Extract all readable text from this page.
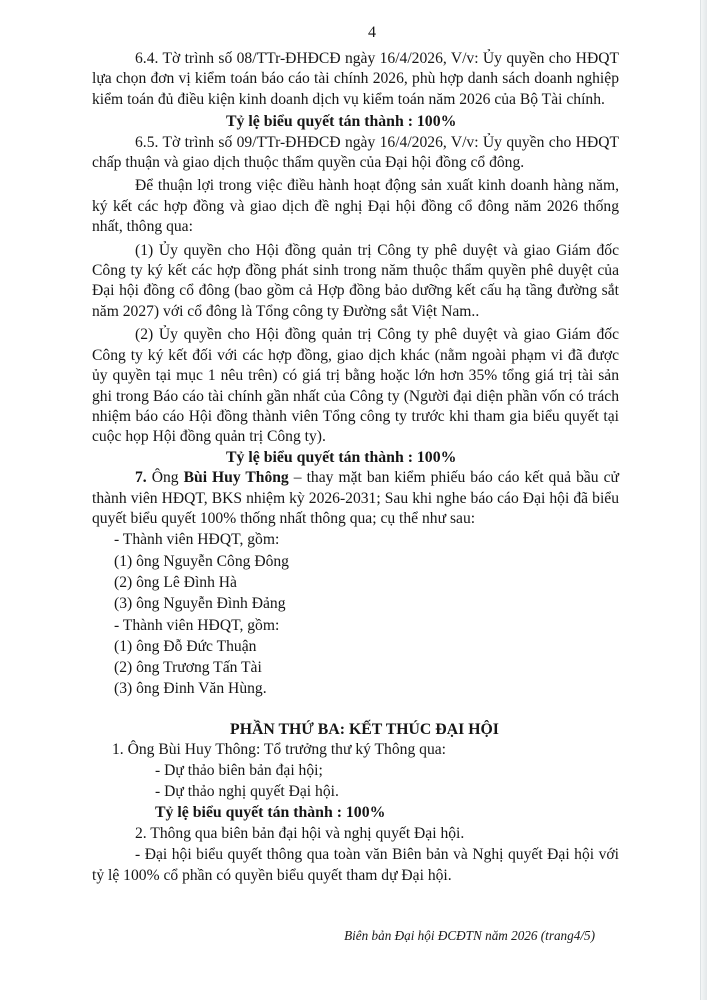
4

6.4. Tờ trình số 08/TTr-ĐHĐCĐ ngày 16/4/2026, V/v: Ủy quyền cho HĐQT lựa chọn đơn vị kiểm toán báo cáo tài chính 2026, phù hợp danh sách doanh nghiệp kiểm toán đủ điều kiện kinh doanh dịch vụ kiểm toán năm 2026 của Bộ Tài chính.

Tỷ lệ biểu quyết tán thành : 100%

6.5. Tờ trình số 09/TTr-ĐHĐCĐ ngày 16/4/2026, V/v: Ủy quyền cho HĐQT chấp thuận và giao dịch thuộc thẩm quyền của Đại hội đồng cổ đông.

Để thuận lợi trong việc điều hành hoạt động sản xuất kinh doanh hàng năm, ký kết các hợp đồng và giao dịch đề nghị Đại hội đồng cổ đông năm 2026 thống nhất, thông qua:

(1) Ủy quyền cho Hội đồng quản trị Công ty phê duyệt và giao Giám đốc Công ty ký kết các hợp đồng phát sinh trong năm thuộc thẩm quyền phê duyệt của Đại hội đồng cổ đông (bao gồm cả Hợp đồng bảo dưỡng kết cấu hạ tầng đường sắt năm 2027) với cổ đông là Tổng công ty Đường sắt Việt Nam..

(2) Ủy quyền cho Hội đồng quản trị Công ty phê duyệt và giao Giám đốc Công ty ký kết đối với các hợp đồng, giao dịch khác (nằm ngoài phạm vi đã được ủy quyền tại mục 1 nêu trên) có giá trị bằng hoặc lớn hơn 35% tổng giá trị tài sản ghi trong Báo cáo tài chính gần nhất của Công ty (Người đại diện phần vốn có trách nhiệm báo cáo Hội đồng thành viên Tổng công ty trước khi tham gia biểu quyết tại cuộc họp Hội đồng quản trị Công ty).

Tỷ lệ biểu quyết tán thành : 100%

7. Ông Bùi Huy Thông – thay mặt ban kiểm phiếu báo cáo kết quả bầu cử thành viên HĐQT, BKS nhiệm kỳ 2026-2031; Sau khi nghe báo cáo Đại hội đã biểu quyết biểu quyết 100% thống nhất thông qua; cụ thể như sau:

- Thành viên HĐQT, gồm:
(1) ông Nguyễn Công Đông
(2) ông Lê Đình Hà
(3) ông Nguyễn Đình Đảng
- Thành viên HĐQT, gồm:
(1) ông Đỗ Đức Thuận
(2) ông Trương Tấn Tài
(3) ông Đinh Văn Hùng.

PHẦN THỨ BA: KẾT THÚC ĐẠI HỘI

1. Ông Bùi Huy Thông: Tổ trưởng thư ký Thông qua:
- Dự thảo biên bản đại hội;
- Dự thảo nghị quyết Đại hội.
Tỷ lệ biểu quyết tán thành : 100%
2. Thông qua biên bản đại hội và nghị quyết Đại hội.
- Đại hội biểu quyết thông qua toàn văn Biên bản và Nghị quyết Đại hội với tỷ lệ 100% cổ phần có quyền biểu quyết tham dự Đại hội.
Biên bản Đại hội ĐCĐTN năm 2026 (trang4/5)
